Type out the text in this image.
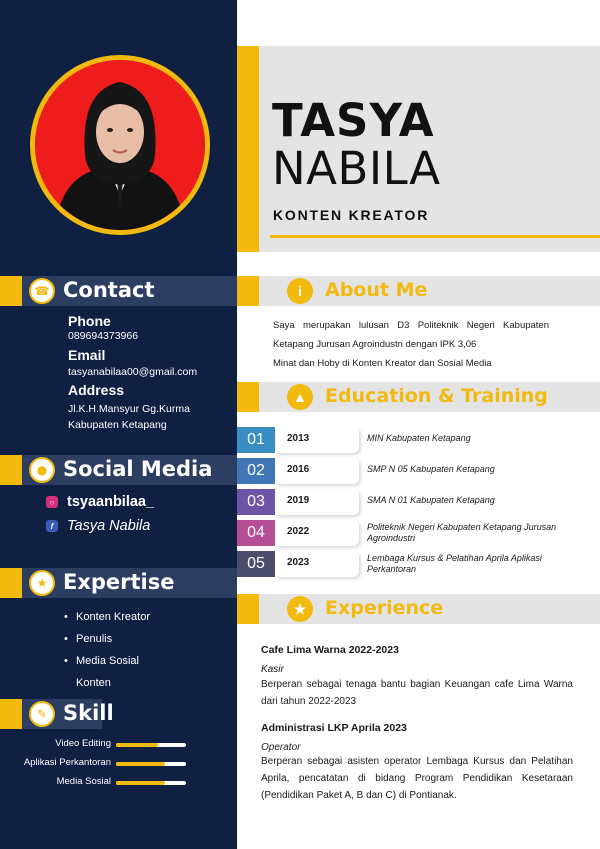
☎ Contact
Phone
089694373966
Email
tasyanabilaa00@gmail.com
Address
Jl.K.H.Mansyur Gg.Kurma Kabupaten Ketapang
● Social Media
○ tsyaanbilaa_
f Tasya Nabila
★ Expertise
• Konten Kreator
• Penulis
• Media Sosial
Konten
✎ Skill
Video Editing
Aplikasi Perkantoran
Media Sosial
TASYA
NABILA
KONTEN KREATOR
i	About Me
Saya merupakan lulusan D3 Politeknik Negeri Kabupaten Ketapang Jurusan Agroindustri dengan IPK 3,06
Minat dan Hoby di Konten Kreator dan Sosial Media
▲ Education & Training
01	2013	MIN Kabupaten Ketapang
02	2016	SMP N 05 Kabupaten Ketapang
03	2019	SMA N 01 Kabupaten Ketapang
04	2022	Politeknik Negeri Kabupaten Ketapang Jurusan Agroindustri
05	2023	Lembaga Kursus & Pelatihan Aprila Aplikasi Perkantoran
★ Experience
Cafe Lima Warna 2022-2023
Kasir
Berperan sebagai tenaga bantu bagian Keuangan cafe Lima Warna dari tahun 2022-2023
Administrasi LKP Aprila 2023
Operator
Berperan sebagai asisten operator Lembaga Kursus dan Pelatihan Aprila, pencatatan di bidang Program Pendidikan Kesetaraan (Pendidikan Paket A, B dan C) di Pontianak.
